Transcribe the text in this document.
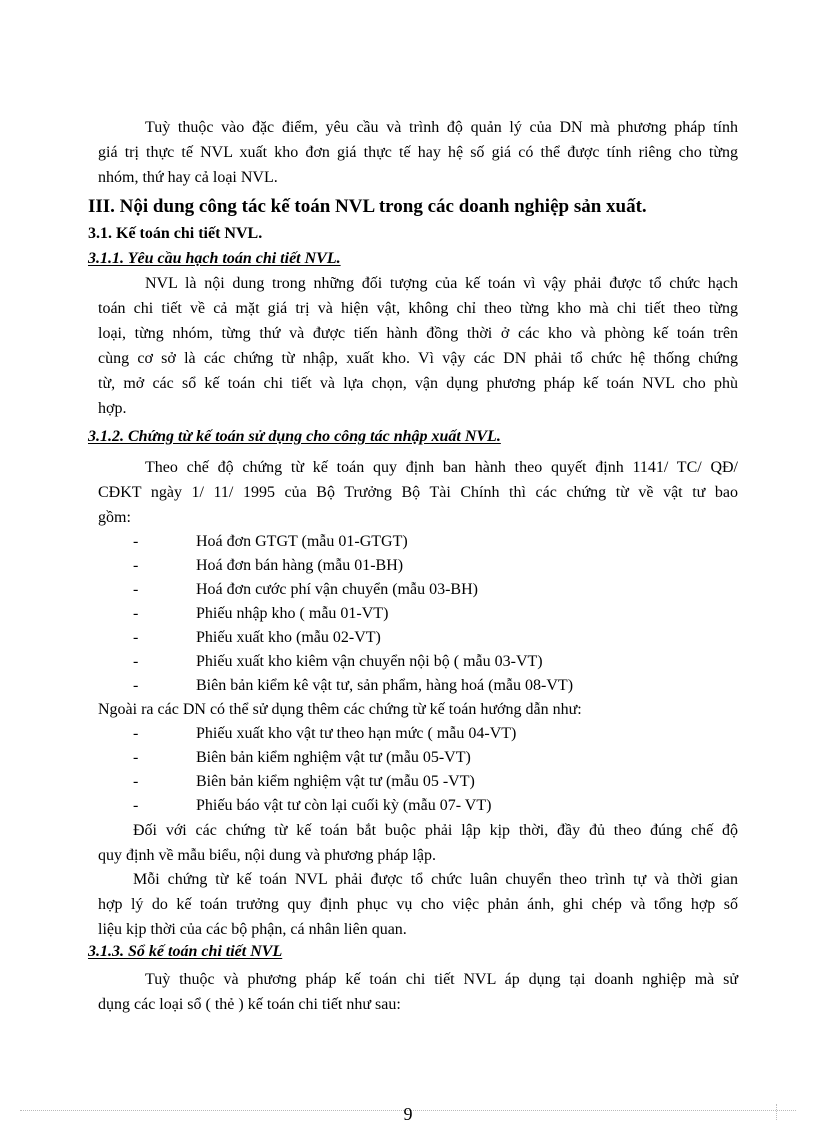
Tuỳ thuộc vào đặc điểm, yêu cầu và trình độ quản lý của DN mà phương pháp tính
giá trị thực tế NVL xuất kho đơn giá thực tế hay hệ số giá có thể được tính riêng cho từng
nhóm, thứ hay cả loại NVL.
III. Nội dung công tác kế toán NVL trong các doanh nghiệp sản xuất.
3.1. Kế toán chi tiết NVL.
3.1.1. Yêu cầu hạch toán chi tiết NVL.
NVL là nội dung trong những đối tượng của kế toán vì vậy phải được tổ chức hạch
toán chi tiết về cả mặt giá trị và hiện vật, không chỉ theo từng kho mà chi tiết theo từng
loại, từng nhóm, từng thứ và được tiến hành đồng thời ở các kho và phòng kế toán trên
cùng cơ sở là các chứng từ nhập, xuất kho. Vì vậy các DN phải tổ chức hệ thống chứng
từ, mở các sổ kế toán chi tiết và lựa chọn, vận dụng phương pháp kế toán NVL cho phù
hợp.
3.1.2. Chứng từ kế toán sử dụng cho công tác nhập xuất NVL.
Theo chế độ chứng từ kế toán quy định ban hành theo quyết định 1141/ TC/ QĐ/
CĐKT ngày 1/ 11/ 1995 của Bộ Trưởng Bộ Tài Chính thì các chứng từ về vật tư bao
gồm:
-	Hoá đơn GTGT (mẫu 01-GTGT)
-	Hoá đơn bán hàng (mẫu 01-BH)
-	Hoá đơn cước phí vận chuyển (mẫu 03-BH)
-	Phiếu nhập kho ( mẫu 01-VT)
-	Phiếu xuất kho (mẫu 02-VT)
-	Phiếu xuất kho kiêm vận chuyển nội bộ ( mẫu 03-VT)
-	Biên bản kiểm kê vật tư, sản phẩm, hàng hoá (mẫu 08-VT)
Ngoài ra các DN có thể sử dụng thêm các chứng từ kế toán hướng dẫn như:
-	Phiếu xuất kho vật tư theo hạn mức ( mẫu 04-VT)
-	Biên bản kiểm nghiệm vật tư (mẫu 05-VT)
-	Biên bản kiểm nghiệm vật tư (mẫu 05 -VT)
-	Phiếu báo vật tư còn lại cuối kỳ (mẫu 07- VT)
Đối với các chứng từ kế toán bắt buộc phải lập kịp thời, đầy đủ theo đúng chế độ
quy định về mẫu biểu, nội dung và phương pháp lập.
Mỗi chứng từ kế toán NVL phải được tổ chức luân chuyển theo trình tự và thời gian
hợp lý do kế toán trưởng quy định phục vụ cho việc phản ánh, ghi chép và tổng hợp số
liệu kịp thời của các bộ phận, cá nhân liên quan.
3.1.3. Sổ kế toán chi tiết NVL
Tuỳ thuộc và phương pháp kế toán chi tiết NVL áp dụng tại doanh nghiệp mà sử
dụng các loại sổ ( thẻ ) kế toán chi tiết như sau:
9
